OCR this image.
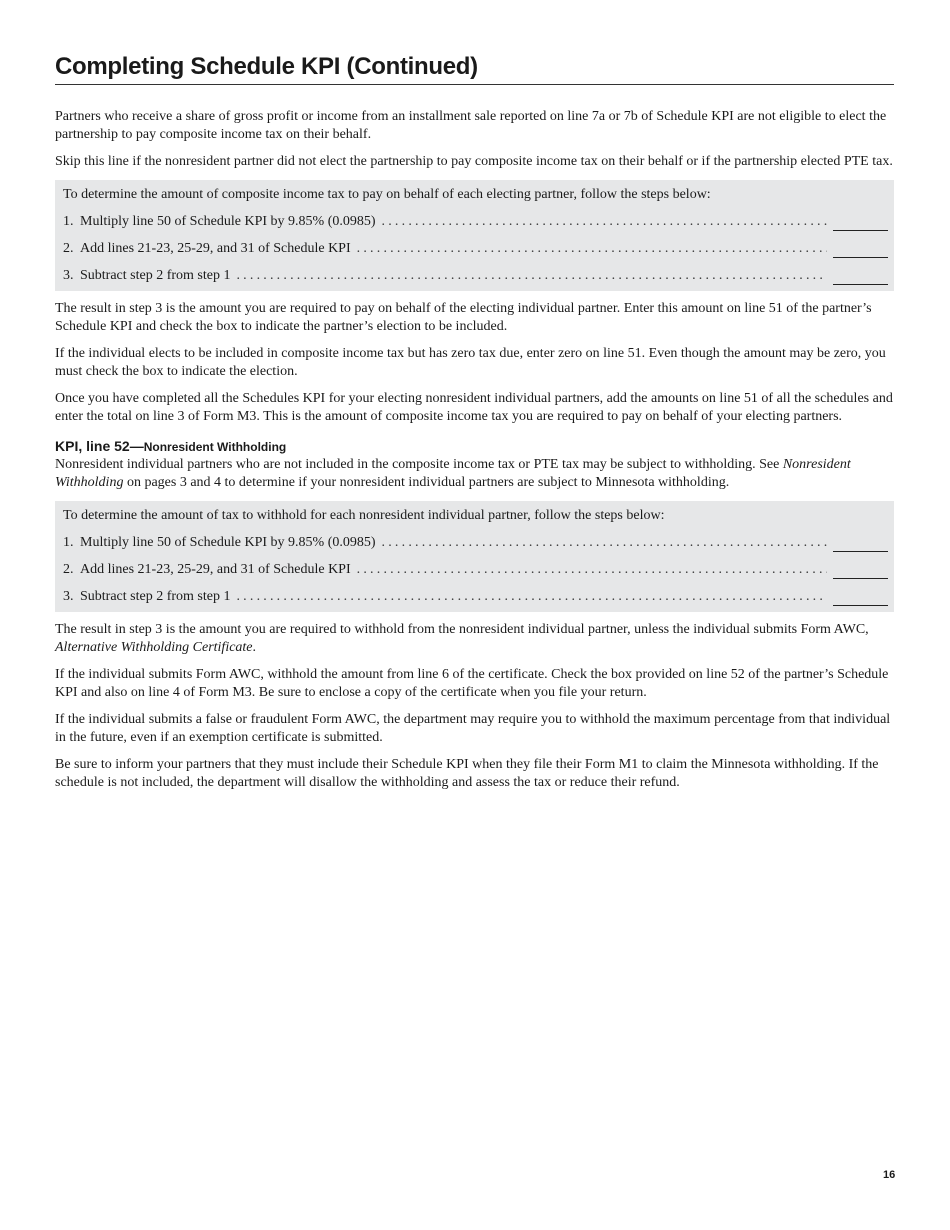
Completing Schedule KPI (Continued)

Partners who receive a share of gross profit or income from an installment sale reported on line 7a or 7b of Schedule KPI are not eligible to elect the partnership to pay composite income tax on their behalf.

Skip this line if the nonresident partner did not elect the partnership to pay composite income tax on their behalf or if the partnership elected PTE tax.

To determine the amount of composite income tax to pay on behalf of each electing partner, follow the steps below:
1. Multiply line 50 of Schedule KPI by 9.85% (0.0985)
.....
2. Add lines 21-23, 25-29, and 31 of Schedule KPI
.....
3. Subtract step 2 from step 1
.....

The result in step 3 is the amount you are required to pay on behalf of the electing individual partner. Enter this amount on line 51 of the partner’s Schedule KPI and check the box to indicate the partner’s election to be included.

If the individual elects to be included in composite income tax but has zero tax due, enter zero on line 51. Even though the amount may be zero, you must check the box to indicate the election.

Once you have completed all the Schedules KPI for your electing nonresident individual partners, add the amounts on line 51 of all the schedules and enter the total on line 3 of Form M3. This is the amount of composite income tax you are required to pay on behalf of your electing partners.

KPI, line 52—Nonresident Withholding

Nonresident individual partners who are not included in the composite income tax or PTE tax may be subject to withholding. See Nonresident Withholding on pages 3 and 4 to determine if your nonresident individual partners are subject to Minnesota withholding.

To determine the amount of tax to withhold for each nonresident individual partner, follow the steps below:
1. Multiply line 50 of Schedule KPI by 9.85% (0.0985)
.....
2. Add lines 21-23, 25-29, and 31 of Schedule KPI
.....
3. Subtract step 2 from step 1
.....

The result in step 3 is the amount you are required to withhold from the nonresident individual partner, unless the individual submits Form AWC, Alternative Withholding Certificate.

If the individual submits Form AWC, withhold the amount from line 6 of the certificate. Check the box provided on line 52 of the partner’s Schedule KPI and also on line 4 of Form M3. Be sure to enclose a copy of the certificate when you file your return.

If the individual submits a false or fraudulent Form AWC, the department may require you to withhold the maximum percentage from that individual in the future, even if an exemption certificate is submitted.

Be sure to inform your partners that they must include their Schedule KPI when they file their Form M1 to claim the Minnesota withholding. If the schedule is not included, the department will disallow the withholding and assess the tax or reduce their refund.

16
